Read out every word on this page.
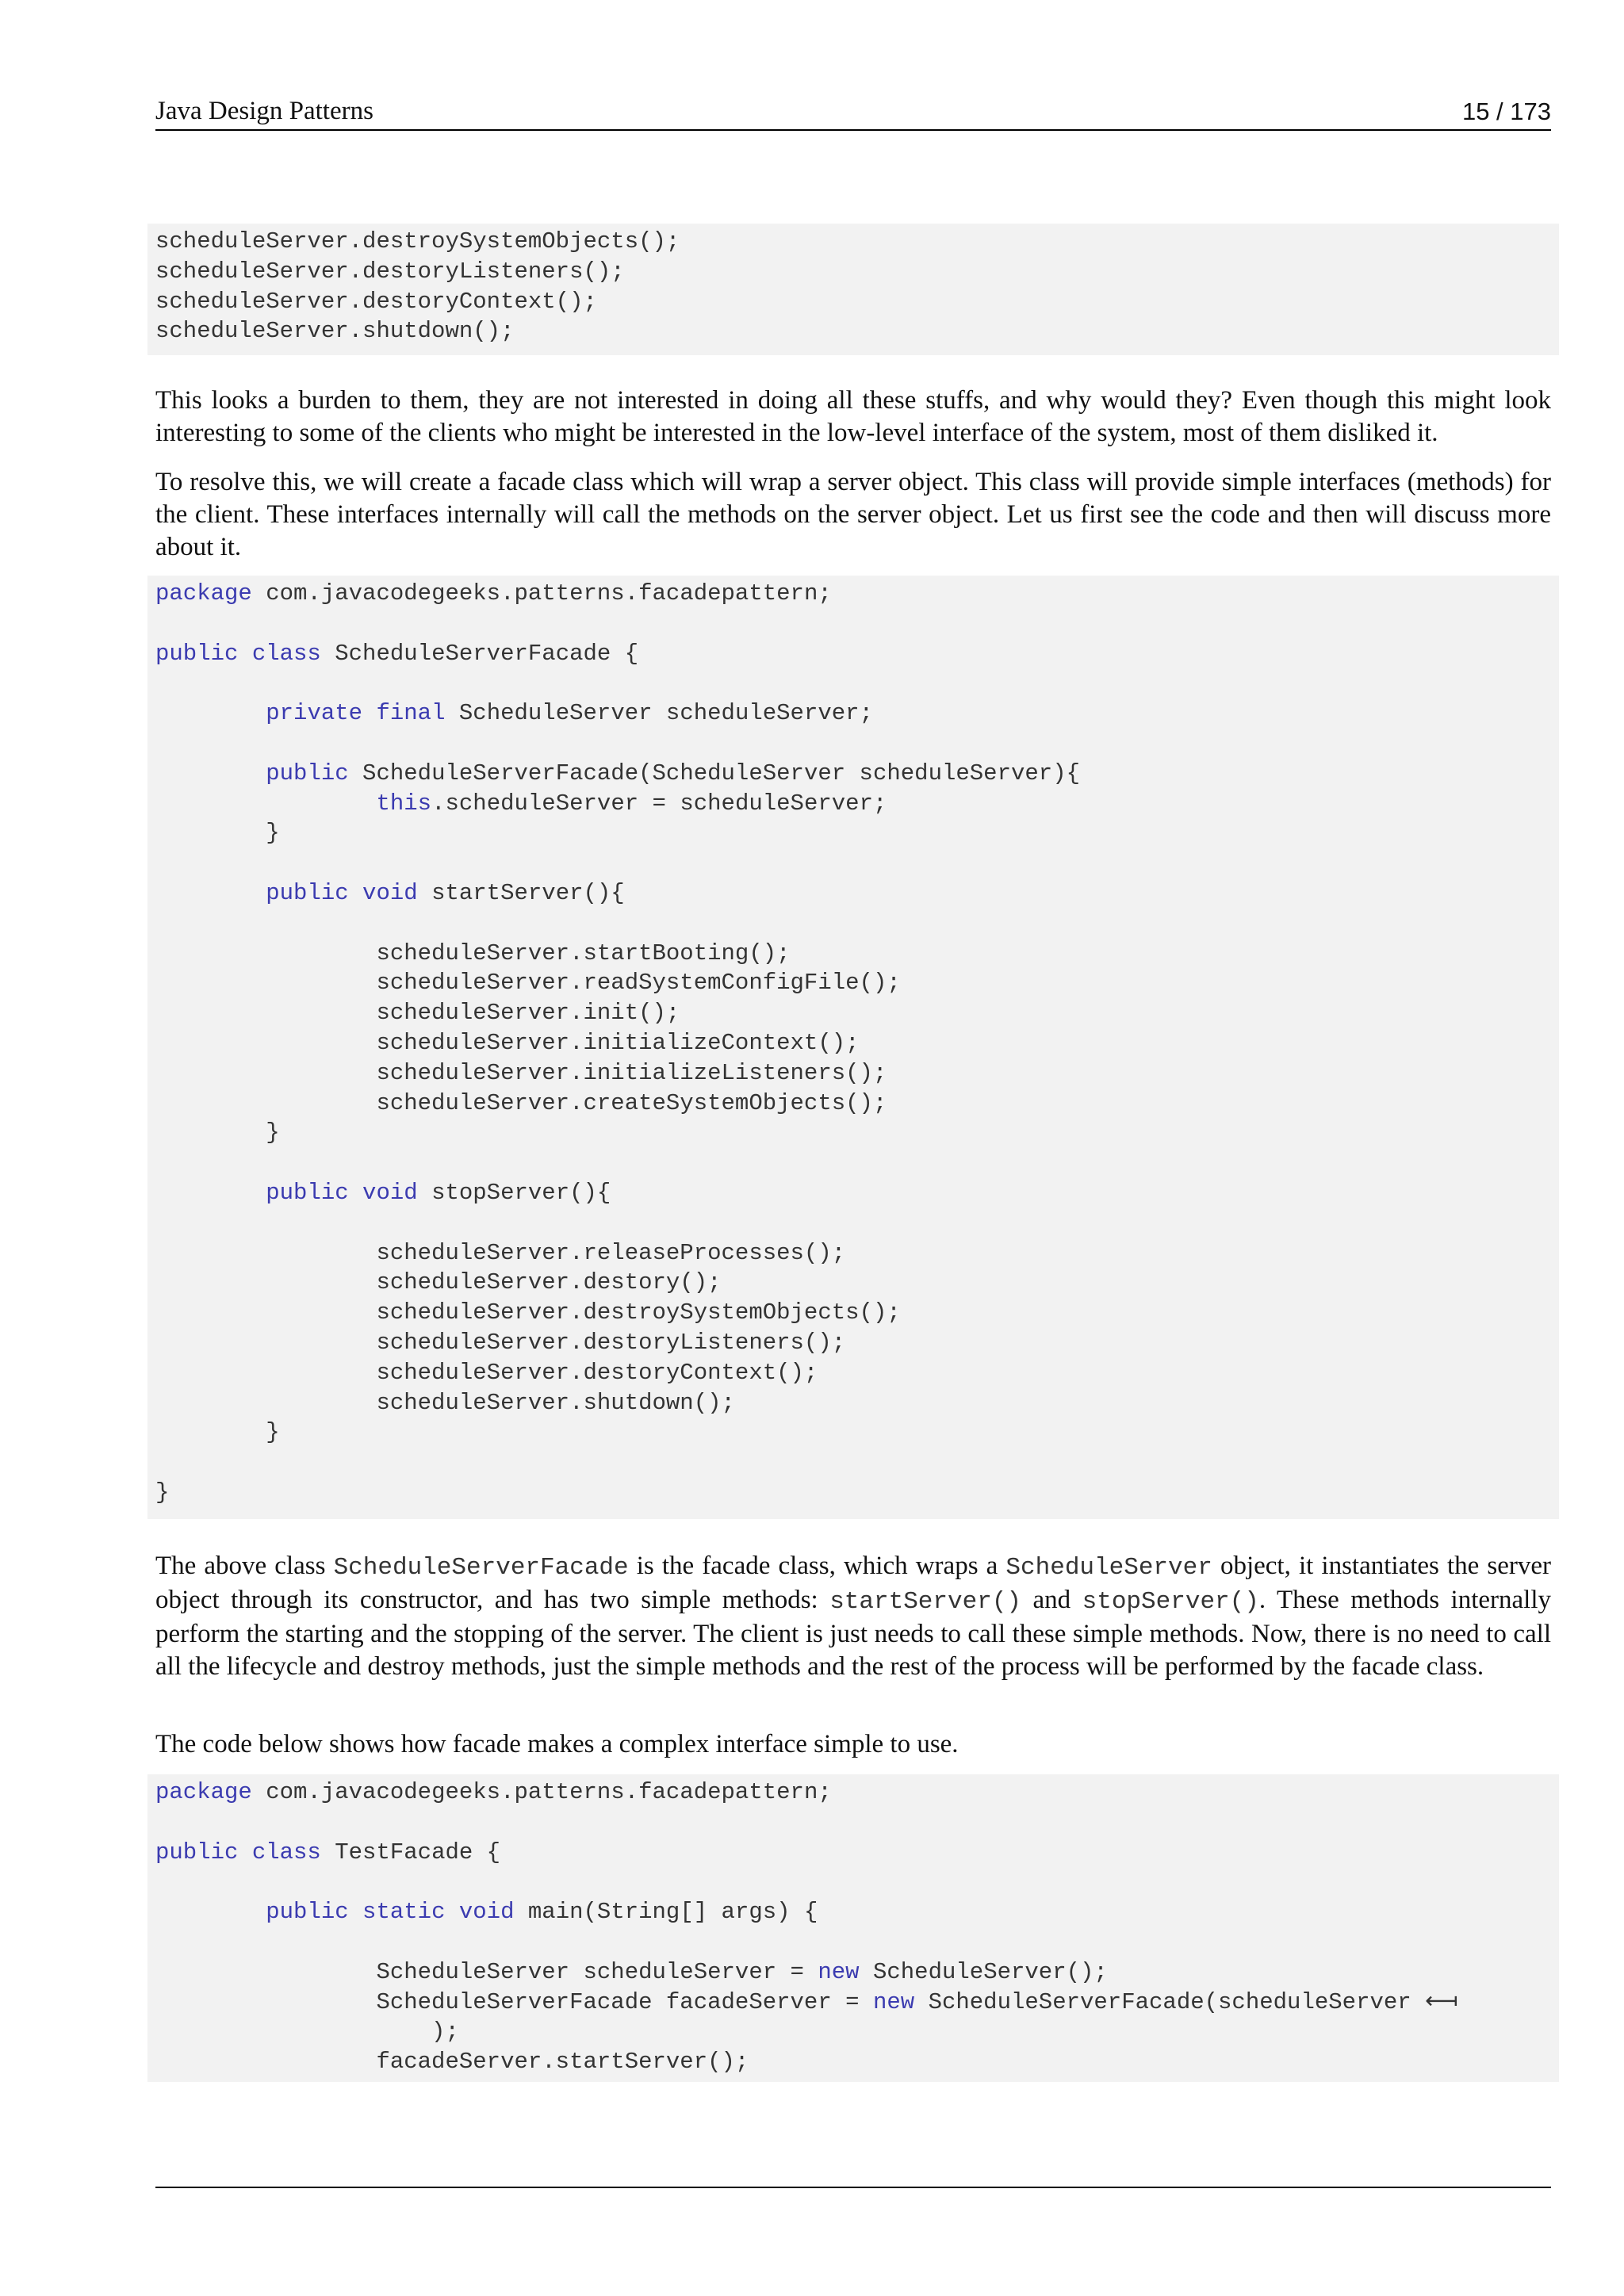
Java Design Patterns	15 / 173
scheduleServer.destroySystemObjects();
scheduleServer.destoryListeners();
scheduleServer.destoryContext();
scheduleServer.shutdown();

This looks a burden to them, they are not interested in doing all these stuffs, and why would they? Even though this might look interesting to some of the clients who might be interested in the low-level interface of the system, most of them disliked it.

To resolve this, we will create a facade class which will wrap a server object. This class will provide simple interfaces (methods) for the client. These interfaces internally will call the methods on the server object. Let us first see the code and then will discuss more about it.

package com.javacodegeeks.patterns.facadepattern;
public class ScheduleServerFacade {
private final ScheduleServer scheduleServer;
public ScheduleServerFacade(ScheduleServer scheduleServer){
this.scheduleServer = scheduleServer;
}
public void startServer(){
scheduleServer.startBooting();
scheduleServer.readSystemConfigFile();
scheduleServer.init();
scheduleServer.initializeContext();
scheduleServer.initializeListeners();
scheduleServer.createSystemObjects();
}
public void stopServer(){
scheduleServer.releaseProcesses();
scheduleServer.destory();
scheduleServer.destroySystemObjects();
scheduleServer.destoryListeners();
scheduleServer.destoryContext();
scheduleServer.shutdown();
}
}

The above class ScheduleServerFacade is the facade class, which wraps a ScheduleServer object, it instantiates the server object through its constructor, and has two simple methods: startServer() and stopServer(). These methods internally perform the starting and the stopping of the server. The client is just needs to call these simple methods. Now, there is no need to call all the lifecycle and destroy methods, just the simple methods and the rest of the process will be performed by the facade class.

The code below shows how facade makes a complex interface simple to use.

package com.javacodegeeks.patterns.facadepattern;
public class TestFacade {
public static void main(String[] args) {
ScheduleServer scheduleServer = new ScheduleServer();
ScheduleServerFacade facadeServer = new ScheduleServerFacade(scheduleServer ⟻
);
facadeServer.startServer();
